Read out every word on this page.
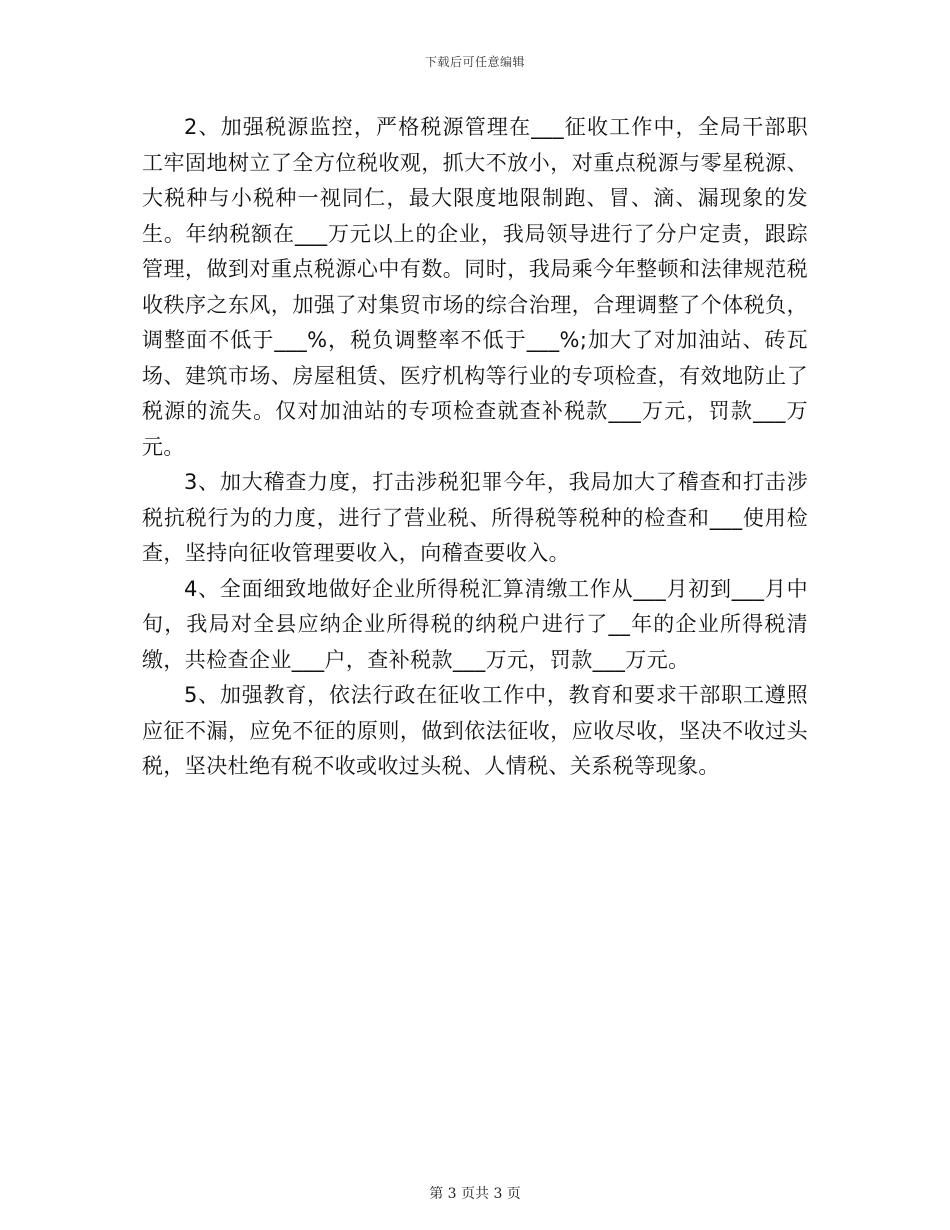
下载后可任意编辑

2、加强税源监控，严格税源管理在___征收工作中，全局干部职工牢固地树立了全方位税收观，抓大不放小，对重点税源与零星税源、大税种与小税种一视同仁，最大限度地限制跑、冒、滴、漏现象的发生。年纳税额在___万元以上的企业，我局领导进行了分户定责，跟踪管理，做到对重点税源心中有数。同时，我局乘今年整顿和法律规范税收秩序之东风，加强了对集贸市场的综合治理，合理调整了个体税负，调整面不低于___%，税负调整率不低于___%;加大了对加油站、砖瓦场、建筑市场、房屋租赁、医疗机构等行业的专项检查，有效地防止了税源的流失。仅对加油站的专项检查就查补税款___万元，罚款___万元。

3、加大稽查力度，打击涉税犯罪今年，我局加大了稽查和打击涉税抗税行为的力度，进行了营业税、所得税等税种的检查和___使用检查，坚持向征收管理要收入，向稽查要收入。

4、全面细致地做好企业所得税汇算清缴工作从___月初到___月中旬，我局对全县应纳企业所得税的纳税户进行了__年的企业所得税清缴，共检查企业___户，查补税款___万元，罚款___万元。

5、加强教育，依法行政在征收工作中，教育和要求干部职工遵照应征不漏，应免不征的原则，做到依法征收，应收尽收，坚决不收过头税，坚决杜绝有税不收或收过头税、人情税、关系税等现象。

第 3 页共 3 页
